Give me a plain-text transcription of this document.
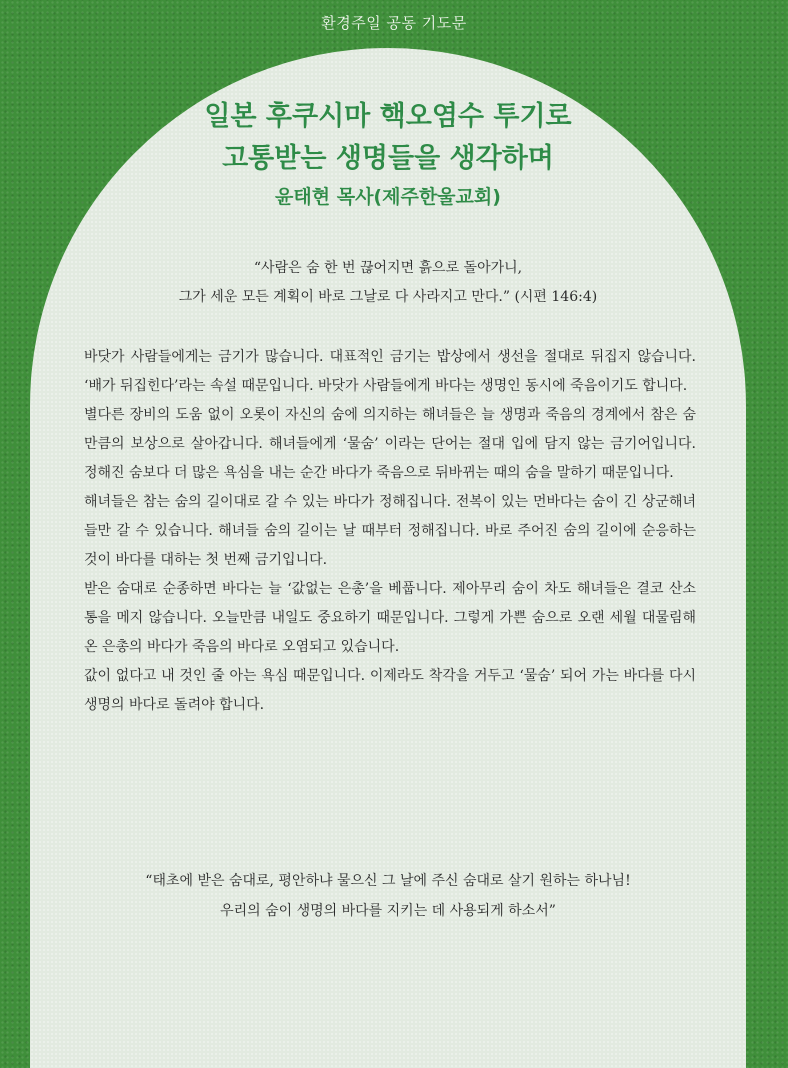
환경주일 공동 기도문
일본 후쿠시마 핵오염수 투기로
고통받는 생명들을 생각하며
윤태현 목사(제주한울교회)
“사람은 숨 한 번 끊어지면 흙으로 돌아가니,
그가 세운 모든 계획이 바로 그날로 다 사라지고 만다.” (시편 146:4)

바닷가 사람들에게는 금기가 많습니다. 대표적인 금기는 밥상에서 생선을 절대로 뒤집지 않습니다. ‘배가 뒤집힌다’라는 속설 때문입니다. 바닷가 사람들에게 바다는 생명인 동시에 죽음이기도 합니다.

별다른 장비의 도움 없이 오롯이 자신의 숨에 의지하는 해녀들은 늘 생명과 죽음의 경계에서 참은 숨만큼의 보상으로 살아갑니다. 해녀들에게 ‘물숨’ 이라는 단어는 절대 입에 담지 않는 금기어입니다. 정해진 숨보다 더 많은 욕심을 내는 순간 바다가 죽음으로 뒤바뀌는 때의 숨을 말하기 때문입니다.

해녀들은 참는 숨의 길이대로 갈 수 있는 바다가 정해집니다. 전복이 있는 먼바다는 숨이 긴 상군해녀들만 갈 수 있습니다. 해녀들 숨의 길이는 날 때부터 정해집니다. 바로 주어진 숨의 길이에 순응하는 것이 바다를 대하는 첫 번째 금기입니다.

받은 숨대로 순종하면 바다는 늘 ‘값없는 은총’을 베풉니다. 제아무리 숨이 차도 해녀들은 결코 산소통을 메지 않습니다. 오늘만큼 내일도 중요하기 때문입니다. 그렇게 가쁜 숨으로 오랜 세월 대물림해온 은총의 바다가 죽음의 바다로 오염되고 있습니다.

값이 없다고 내 것인 줄 아는 욕심 때문입니다. 이제라도 착각을 거두고 ‘물숨’ 되어 가는 바다를 다시 생명의 바다로 돌려야 합니다.

“태초에 받은 숨대로, 평안하냐 물으신 그 날에 주신 숨대로 살기 원하는 하나님!
우리의 숨이 생명의 바다를 지키는 데 사용되게 하소서”
